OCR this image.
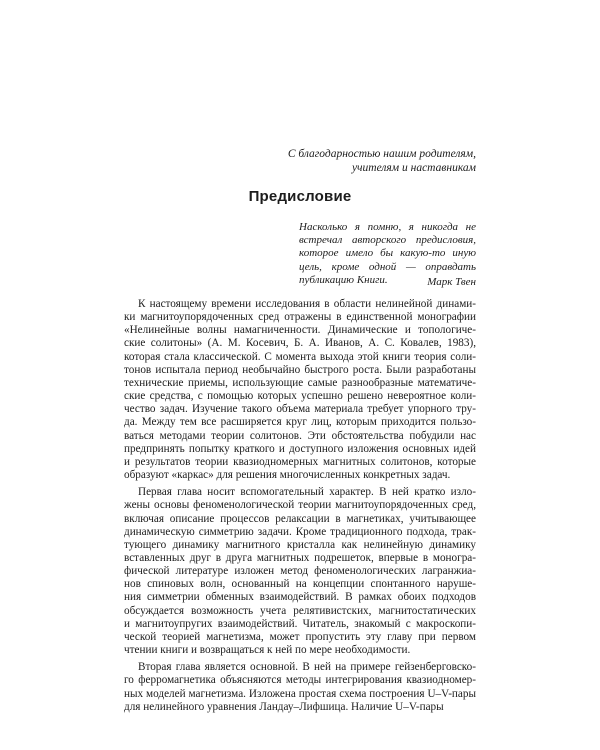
С благодарностью нашим родителям,
учителям и наставникам
Предисловие
Насколько я помню, я никогда не встречал авторского предисловия, которое имело бы какую-то иную цель, кроме одной — оправдать публикацию Книги.	Марк Твен
К настоящему времени исследования в области нелинейной динами-
ки магнитоупорядоченных сред отражены в единственной монографии
«Нелинейные волны намагниченности. Динамические и топологиче-
ские солитоны» (А. М. Косевич, Б. А. Иванов, А. С. Ковалев, 1983),
которая стала классической. С момента выхода этой книги теория соли-
тонов испытала период необычайно быстрого роста. Были разработаны
технические приемы, использующие самые разнообразные математиче-
ские средства, с помощью которых успешно решено невероятное коли-
чество задач. Изучение такого объема материала требует упорного тру-
да. Между тем все расширяется круг лиц, которым приходится пользо-
ваться методами теории солитонов. Эти обстоятельства побудили нас
предпринять попытку краткого и доступного изложения основных идей
и результатов теории квазиодномерных магнитных солитонов, которые
образуют «каркас» для решения многочисленных конкретных задач.
Первая глава носит вспомогательный характер. В ней кратко изло-
жены основы феноменологической теории магнитоупорядоченных сред,
включая описание процессов релаксации в магнетиках, учитывающее
динамическую симметрию задачи. Кроме традиционного подхода, трак-
тующего динамику магнитного кристалла как нелинейную динамику
вставленных друг в друга магнитных подрешеток, впервые в моногра-
фической литературе изложен метод феноменологических лагранжиа-
нов спиновых волн, основанный на концепции спонтанного наруше-
ния симметрии обменных взаимодействий. В рамках обоих подходов
обсуждается возможность учета релятивистских, магнитостатических
и магнитоупругих взаимодействий. Читатель, знакомый с макроскопи-
ческой теорией магнетизма, может пропустить эту главу при первом
чтении книги и возвращаться к ней по мере необходимости.
Вторая глава является основной. В ней на примере гейзенберговско-
го ферромагнетика объясняются методы интегрирования квазиодномер-
ных моделей магнетизма. Изложена простая схема построения U–V-пары
для нелинейного уравнения Ландау–Лифшица. Наличие U–V-пары
